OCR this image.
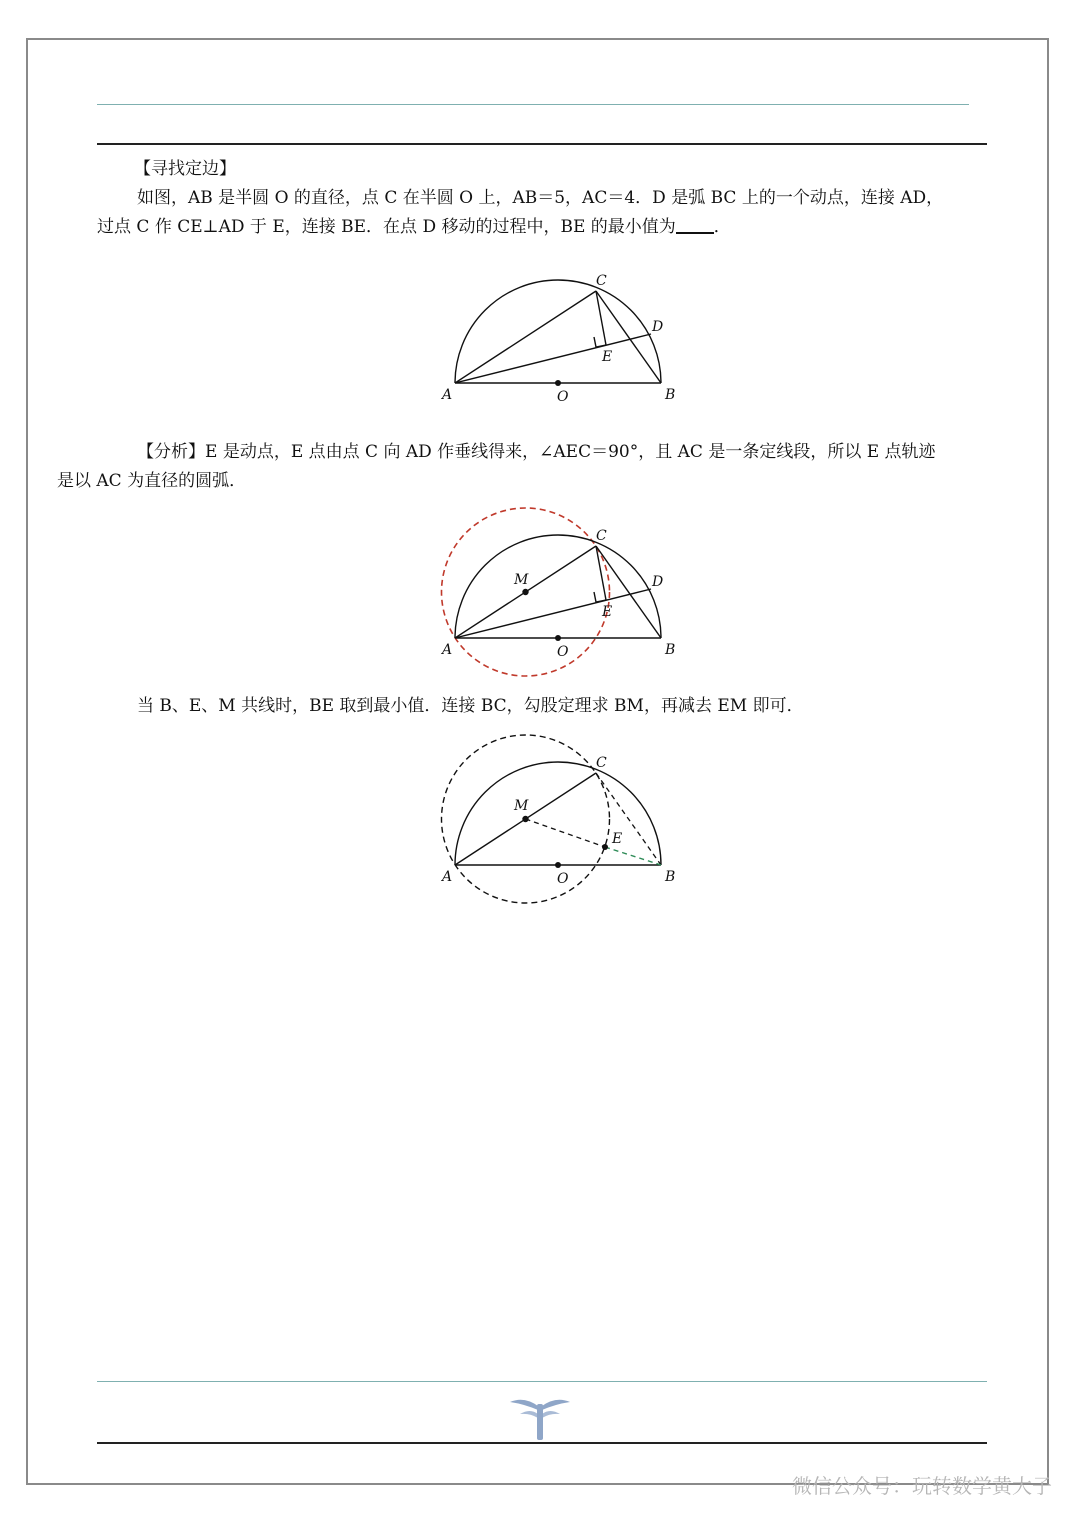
【寻找定边】

如图，AB 是半圆 O 的直径，点 C 在半圆 O 上，AB＝5，AC＝4．D 是弧 BC 上的一个动点，连接 AD，
过点 C 作 CE⊥AD 于 E，连接 BE．在点 D 移动的过程中，BE 的最小值为 ．

A	B
C
D
E
O

【分析】E 是动点，E 点由点 C 向 AD 作垂线得来，∠AEC＝90°，且 AC 是一条定线段，所以 E 点轨迹
是以 AC 为直径的圆弧．

A	B
C
D
E
O
M

当 B、E、M 共线时，BE 取到最小值．连接 BC，勾股定理求 BM，再减去 EM 即可．

A	B
C
E
O
M
微信公众号：玩转数学黄大子
